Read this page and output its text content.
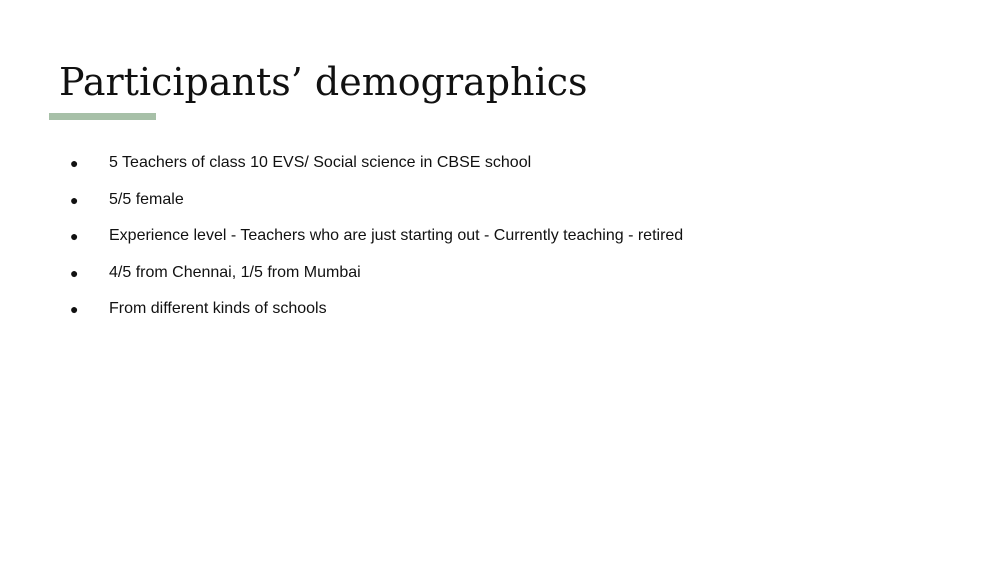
Participants’ demographics
●	5 Teachers of class 10 EVS/ Social science in CBSE school
●	5/5 female
●	Experience level - Teachers who are just starting out - Currently teaching - retired
●	4/5 from Chennai, 1/5 from Mumbai
●	From different kinds of schools
